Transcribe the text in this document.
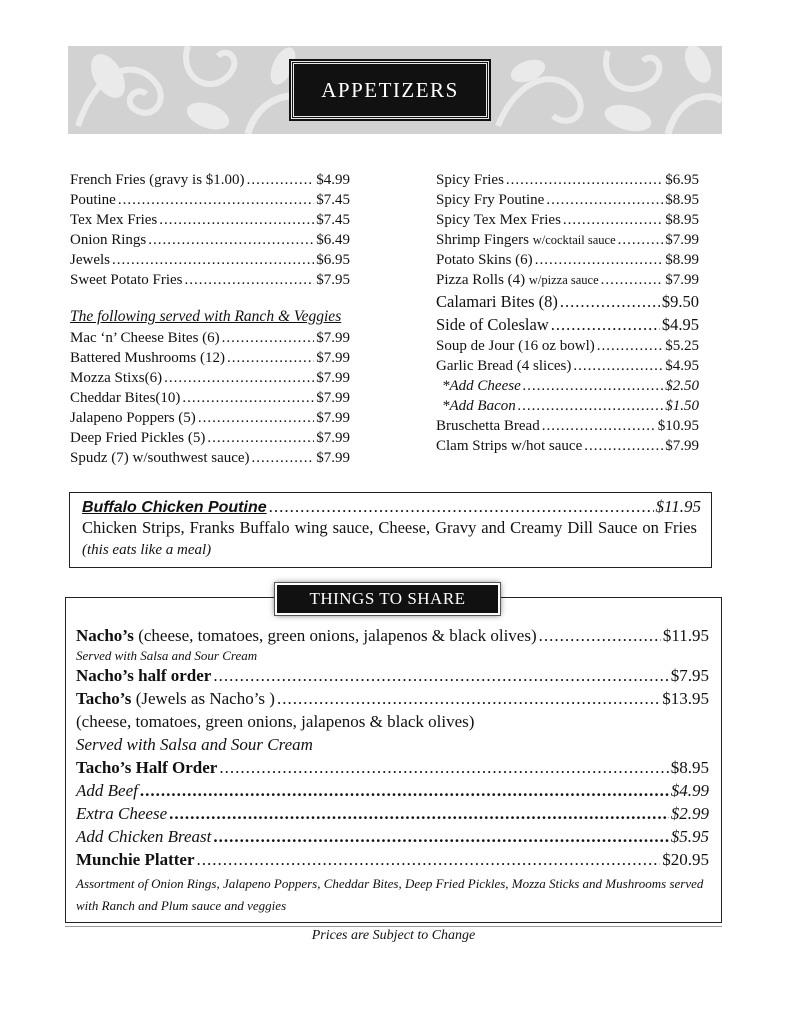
APPETIZERS
French Fries (gravy is $1.00) .....	$4.99
Poutine .....	$7.45
Tex Mex Fries .....	$7.45
Onion Rings .....	$6.49
Jewels .....	$6.95
Sweet Potato Fries .....	$7.95
The following served with Ranch & Veggies
Mac ‘n’ Cheese Bites (6) .....	$7.99
Battered Mushrooms (12) .....	$7.99
Mozza Stixs(6) .....	$7.99
Cheddar Bites(10) .....	$7.99
Jalapeno Poppers (5) .....	$7.99
Deep Fried Pickles (5) .....	$7.99
Spudz (7) w/southwest sauce) .....	$7.99
Spicy Fries .....	$6.95
Spicy Fry Poutine .....	$8.95
Spicy Tex Mex Fries .....	$8.95
Shrimp Fingers
w/cocktail sauce .....	$7.99
Potato Skins (6) .....	$8.99
Pizza Rolls (4)
w/pizza sauce .....	$7.99
Calamari Bites (8) .....	$9.50
Side of Coleslaw .....	$4.95
Soup de Jour (16 oz bowl) .....	$5.25
Garlic Bread (4 slices) .....	$4.95
*Add Cheese .....	$2.50
*Add Bacon .....	$1.50
Bruschetta Bread .....	$10.95
Clam Strips w/hot sauce .....	$7.99
Buffalo Chicken Poutine .....	$11.95
Chicken Strips, Franks Buffalo wing sauce, Cheese, Gravy and Creamy Dill Sauce on Fries  (this eats like a meal)
Nacho’s (cheese, tomatoes, green onions, jalapenos & black olives) .....	$11.95
Served with Salsa and Sour Cream
Nacho’s half order .....	$7.95
Tacho’s (Jewels as Nacho’s ) .....	$13.95
(cheese, tomatoes, green onions, jalapenos & black olives)
Served with Salsa and Sour Cream
Tacho’s Half Order .....	$8.95
Add Beef .....	$4.99
Extra Cheese .....	$2.99
Add Chicken Breast .....	$5.95
Munchie Platter .....	$20.95
Assortment of Onion Rings, Jalapeno Poppers, Cheddar Bites, Deep Fried Pickles, Mozza Sticks and Mushrooms served with Ranch and Plum sauce and veggies
THINGS TO SHARE
Prices are Subject to Change
